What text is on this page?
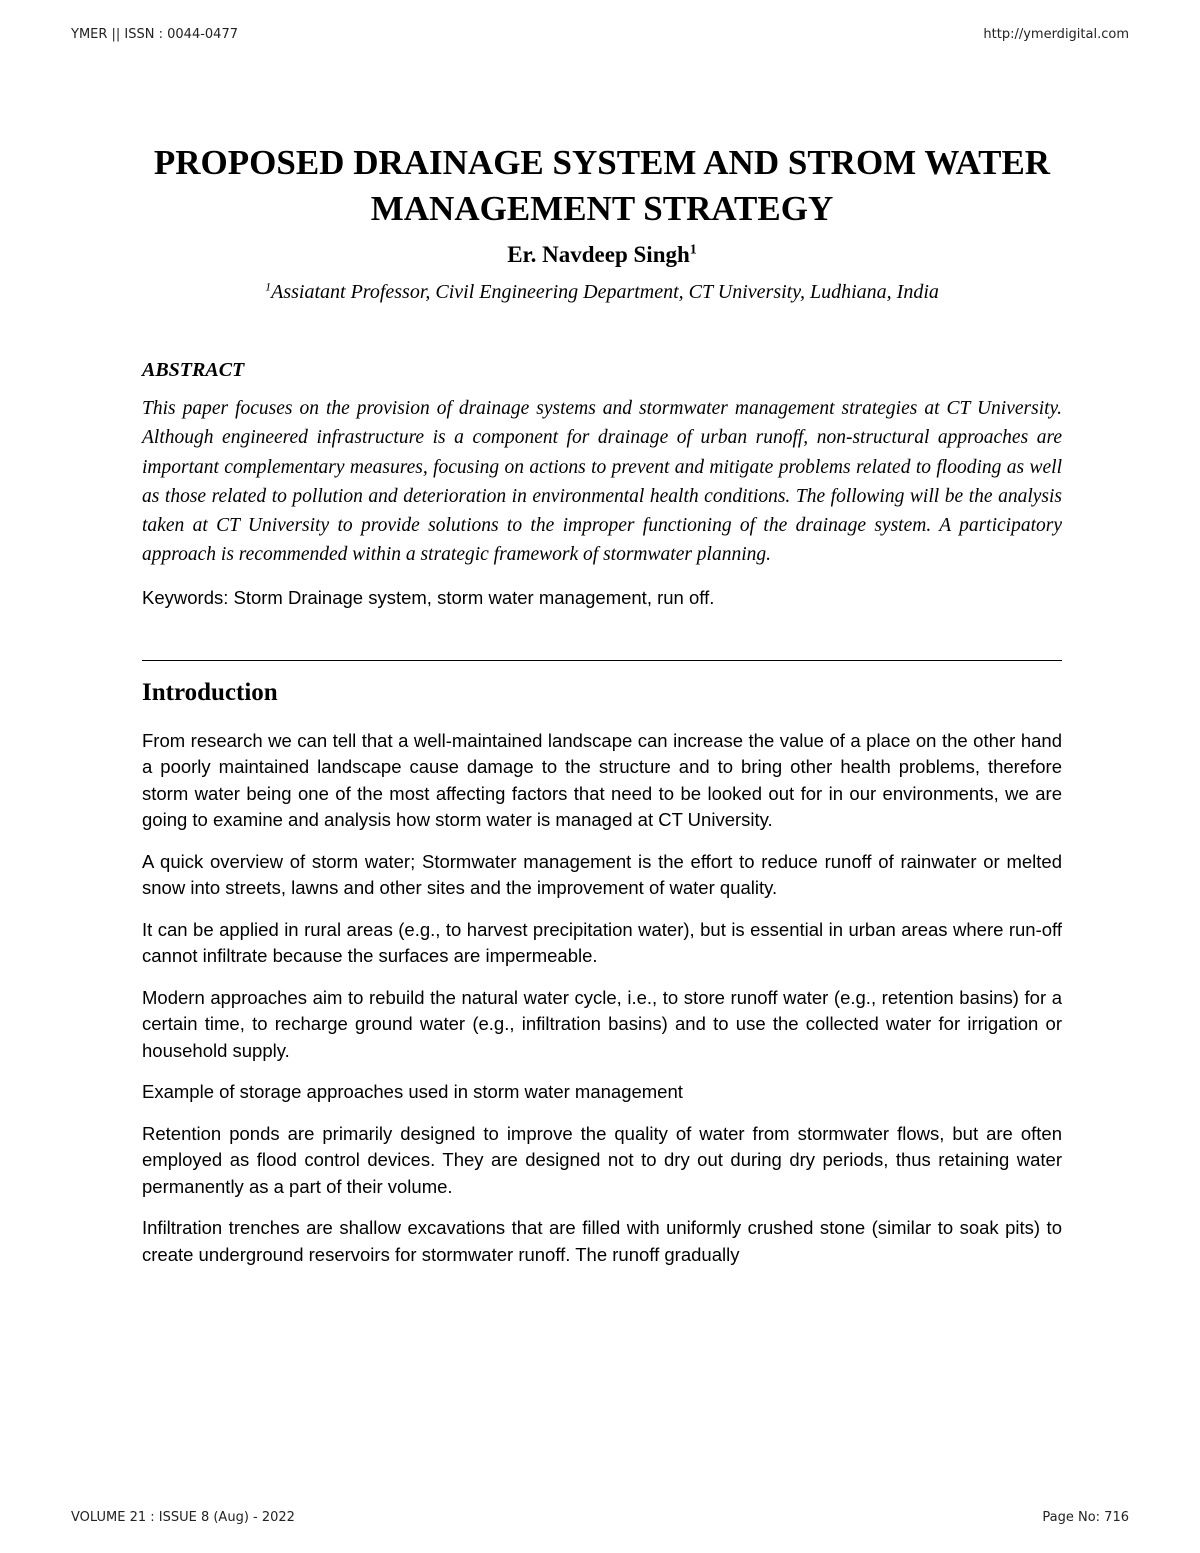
YMER || ISSN : 0044-0477	http://ymerdigital.com
PROPOSED DRAINAGE SYSTEM AND STROM WATER
MANAGEMENT STRATEGY

Er. Navdeep Singh$^1$

$^1$Assiatant Professor, Civil Engineering Department, CT University, Ludhiana, India

ABSTRACT

This paper focuses on the provision of drainage systems and stormwater management strategies at CT University. Although engineered infrastructure is a component for drainage of urban runoff, non-structural approaches are important complementary measures, focusing on actions to prevent and mitigate problems related to flooding as well as those related to pollution and deterioration in environmental health conditions. The following will be the analysis taken at CT University to provide solutions to the improper functioning of the drainage system. A participatory approach is recommended within a strategic framework of stormwater planning.

Keywords: Storm Drainage system, storm water management, run off.

Introduction

From research we can tell that a well-maintained landscape can increase the value of a place on the other hand a poorly maintained landscape cause damage to the structure and to bring other health problems, therefore storm water being one of the most affecting factors that need to be looked out for in our environments, we are going to examine and analysis how storm water is managed at CT University.

A quick overview of storm water; Stormwater management is the effort to reduce runoff of rainwater or melted snow into streets, lawns and other sites and the improvement of water quality.

It can be applied in rural areas (e.g., to harvest precipitation water), but is essential in urban areas where run-off cannot infiltrate because the surfaces are impermeable.

Modern approaches aim to rebuild the natural water cycle, i.e., to store runoff water (e.g., retention basins) for a certain time, to recharge ground water (e.g., infiltration basins) and to use the collected water for irrigation or household supply.

Example of storage approaches used in storm water management

Retention ponds are primarily designed to improve the quality of water from stormwater flows, but are often employed as flood control devices. They are designed not to dry out during dry periods, thus retaining water permanently as a part of their volume.

Infiltration trenches are shallow excavations that are filled with uniformly crushed stone (similar to soak pits) to create underground reservoirs for stormwater runoff. The runoff gradually

VOLUME 21 : ISSUE 8 (Aug) - 2022	Page No: 716
